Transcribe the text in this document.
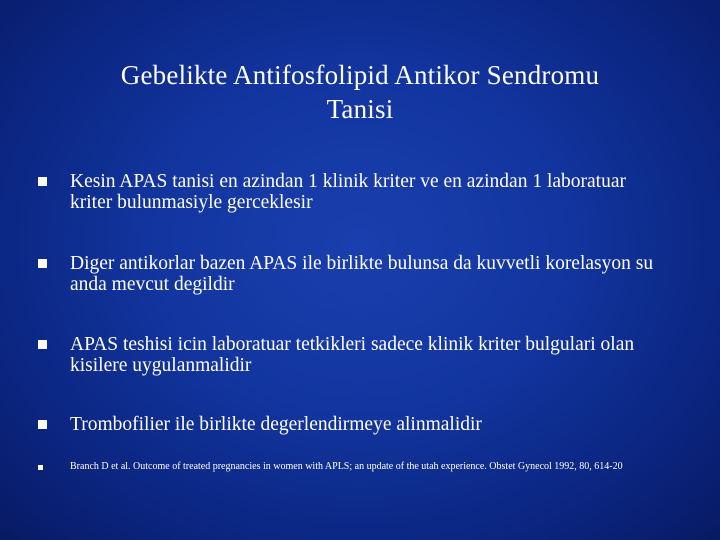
Gebelikte Antifosfolipid Antikor Sendromu
Tanisi
Kesin APAS tanisi en azindan 1 klinik kriter ve en azindan 1 laboratuar kriter bulunmasiyle gerceklesir
Diger antikorlar bazen APAS ile birlikte bulunsa da kuvvetli korelasyon su anda mevcut degildir
APAS teshisi icin laboratuar tetkikleri sadece klinik kriter bulgulari olan kisilere uygulanmalidir
Trombofilier ile birlikte degerlendirmeye alinmalidir
Branch D et al. Outcome of treated pregnancies in women with APLS; an update of the utah experience. Obstet Gynecol 1992, 80, 614-20
